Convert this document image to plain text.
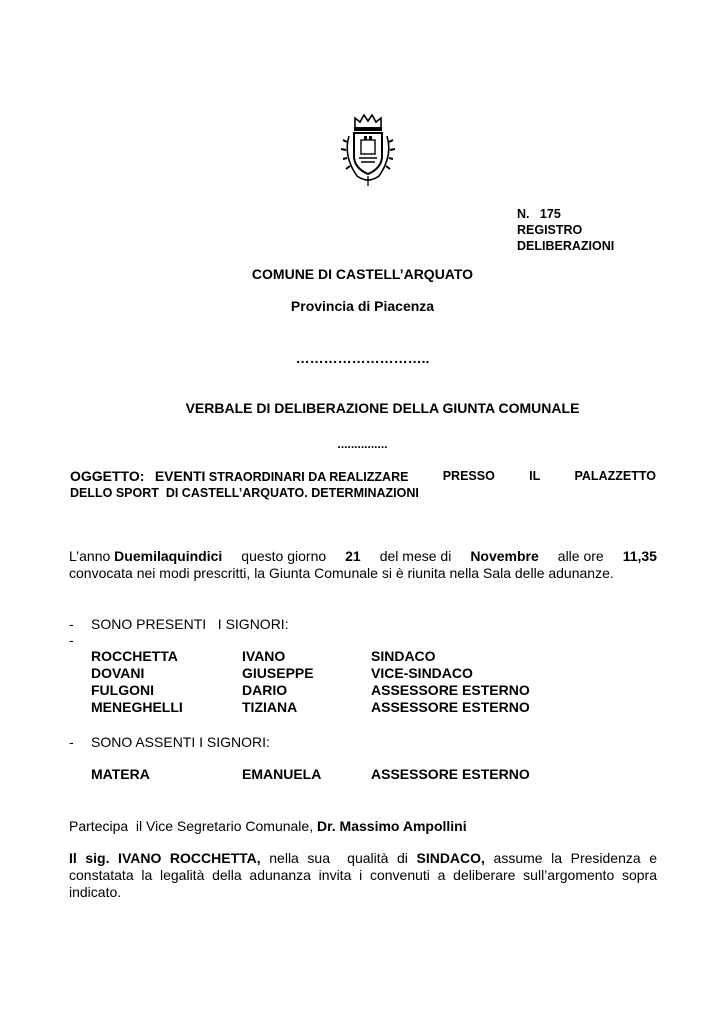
N.   175
REGISTRO
DELIBERAZIONI
COMUNE DI CASTELL’ARQUATO
Provincia di Piacenza
………………………..
VERBALE DI DELIBERAZIONE DELLA GIUNTA COMUNALE
...............
OGGETTO: EVENTI STRAORDINARI DA REALIZZARE	PRESSO	IL	PALAZZETTO
DELLO SPORT  DI CASTELL’ARQUATO. DETERMINAZIONI
L’anno Duemilaquindici questo giorno 21 del mese di Novembre alle ore 11,35
convocata nei modi prescritti, la Giunta Comunale si è riunita nella Sala delle adunanze.
-
-
SONO PRESENTI   I SIGNORI:
ROCCHETTA	IVANO	SINDACO
DOVANI	GIUSEPPE	VICE-SINDACO
FULGONI	DARIO	ASSESSORE ESTERNO
MENEGHELLI	TIZIANA	ASSESSORE ESTERNO
- SONO ASSENTI I SIGNORI:
MATERA	EMANUELA	ASSESSORE ESTERNO
Partecipa  il Vice Segretario Comunale, Dr. Massimo Ampollini
Il sig. IVANO ROCCHETTA, nella sua  qualità di SINDACO, assume la Presidenza e constatata la legalità della adunanza invita i convenuti a deliberare sull’argomento sopra indicato.
